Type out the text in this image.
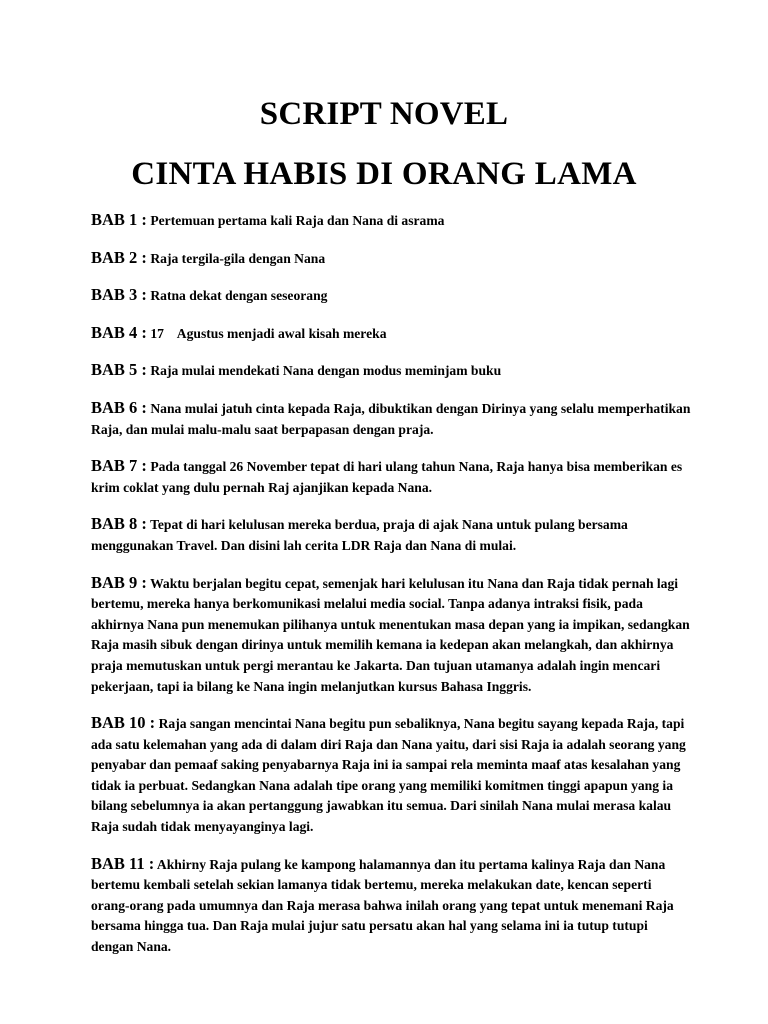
SCRIPT NOVEL
CINTA HABIS DI ORANG LAMA
BAB 1 : Pertemuan pertama kali Raja dan Nana di asrama
BAB 2 : Raja tergila-gila dengan Nana
BAB 3 : Ratna dekat dengan seseorang
BAB 4 : 17    Agustus menjadi awal kisah mereka
BAB 5 : Raja mulai mendekati Nana dengan modus meminjam buku
BAB 6 : Nana mulai jatuh cinta kepada Raja, dibuktikan dengan Dirinya yang selalu memperhatikan Raja, dan mulai malu-malu saat berpapasan dengan praja.
BAB 7 : Pada tanggal 26 November tepat di hari ulang tahun Nana, Raja hanya bisa memberikan es krim coklat yang dulu pernah Raj ajanjikan kepada Nana.
BAB 8 : Tepat di hari kelulusan mereka berdua, praja di ajak Nana untuk pulang bersama menggunakan Travel. Dan disini lah cerita LDR Raja dan Nana di mulai.
BAB 9 : Waktu berjalan begitu cepat, semenjak hari kelulusan itu Nana dan Raja tidak pernah lagi bertemu, mereka hanya berkomunikasi melalui media social. Tanpa adanya intraksi fisik, pada akhirnya Nana pun menemukan pilihanya untuk menentukan masa depan yang ia impikan, sedangkan Raja masih sibuk dengan dirinya untuk memilih kemana ia kedepan akan melangkah, dan akhirnya praja memutuskan untuk pergi merantau ke Jakarta. Dan tujuan utamanya adalah ingin mencari pekerjaan, tapi ia bilang ke Nana ingin melanjutkan kursus Bahasa Inggris.
BAB 10 : Raja sangan mencintai Nana begitu pun sebaliknya, Nana begitu sayang kepada Raja, tapi ada satu kelemahan yang ada di dalam diri Raja dan Nana yaitu, dari sisi Raja ia adalah seorang yang penyabar dan pemaaf saking penyabarnya Raja ini ia sampai rela meminta maaf atas kesalahan yang tidak ia perbuat. Sedangkan Nana adalah tipe orang yang memiliki komitmen tinggi apapun yang ia bilang sebelumnya ia akan pertanggung jawabkan itu semua. Dari sinilah Nana mulai merasa kalau Raja sudah tidak menyayanginya lagi.
BAB 11 : Akhirny Raja pulang ke kampong halamannya dan itu pertama kalinya Raja dan Nana bertemu kembali setelah sekian lamanya tidak bertemu, mereka melakukan date, kencan seperti orang-orang pada umumnya dan Raja merasa bahwa inilah orang yang tepat untuk menemani Raja bersama hingga tua. Dan Raja mulai jujur satu persatu akan hal yang selama ini ia tutup tutupi dengan Nana.
